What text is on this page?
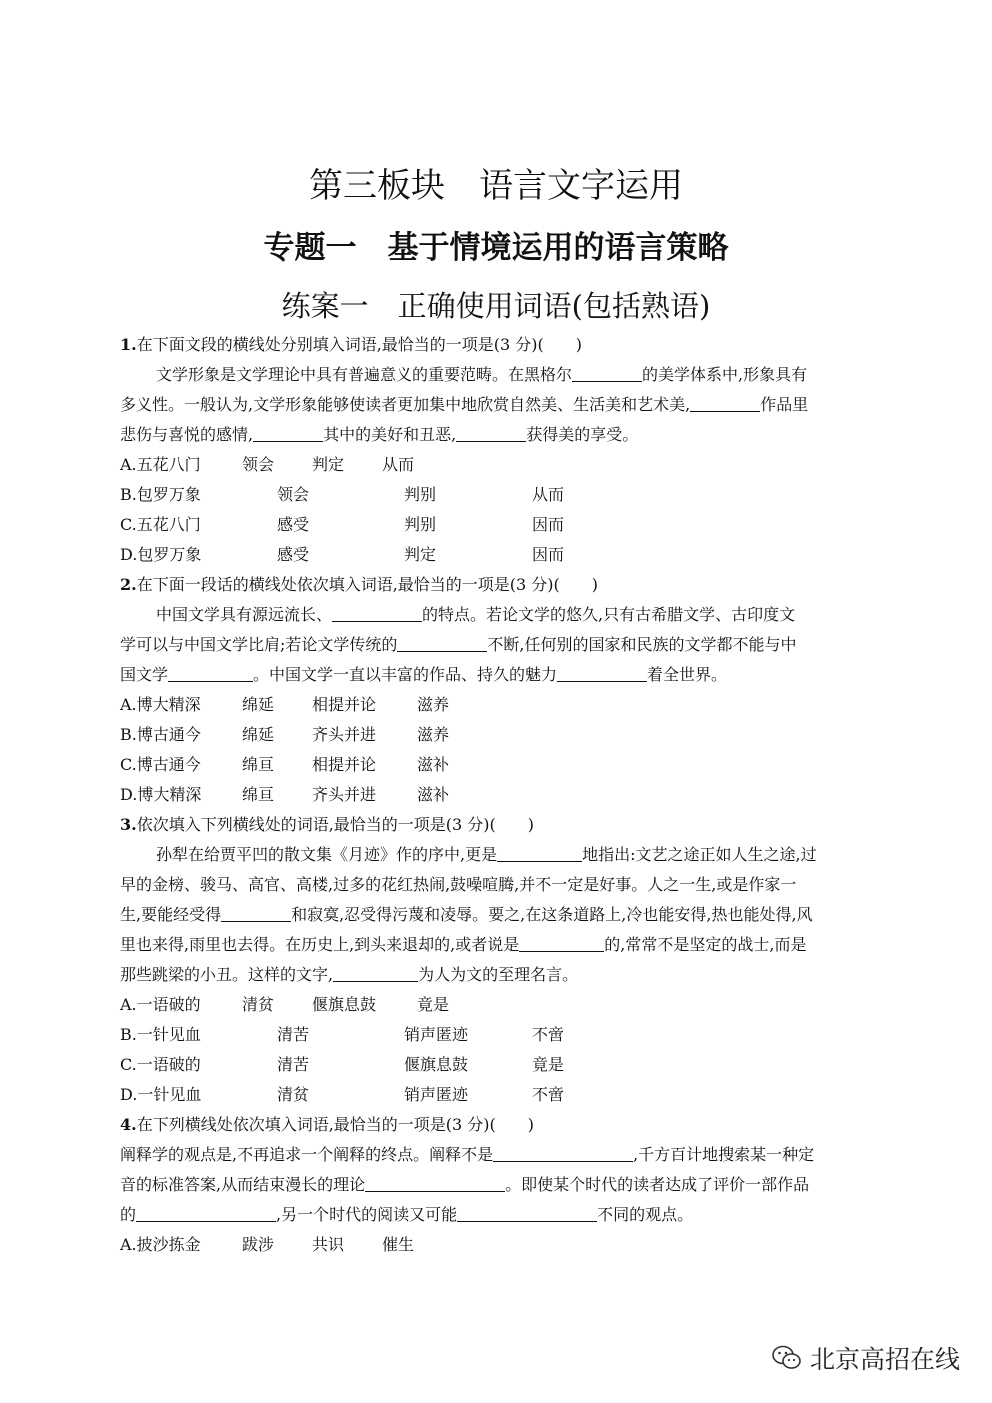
第三板块　语言文字运用
专题一　基于情境运用的语言策略
练案一　正确使用词语(包括熟语)
1.在下面文段的横线处分别填入词语,最恰当的一项是(3 分)(　　)
文学形象是文学理论中具有普遍意义的重要范畴。在黑格尔	的美学体系中,形象具有
多义性。一般认为,文学形象能够使读者更加集中地欣赏自然美、生活美和艺术美,	作品里
悲伤与喜悦的感情,	其中的美好和丑恶,	获得美的享受。
A.五花八门	领会 判定 从而
B.包罗万象	领会	判别	从而
C.五花八门	感受	判别	因而
D.包罗万象	感受	判定	因而
2.在下面一段话的横线处依次填入词语,最恰当的一项是(3 分)(　　)
中国文学具有源远流长、	的特点。若论文学的悠久,只有古希腊文学、古印度文
学可以与中国文学比肩;若论文学传统的	不断,任何别的国家和民族的文学都不能与中
国文学	。中国文学一直以丰富的作品、持久的魅力	着全世界。
A.博大精深	绵延 相提并论	滋养
B.博古通今	绵延 齐头并进	滋养
C.博古通今	绵亘 相提并论	滋补
D.博大精深	绵亘 齐头并进	滋补
3.依次填入下列横线处的词语,最恰当的一项是(3 分)(　　)
孙犁在给贾平凹的散文集《月迹》作的序中,更是	地指出:文艺之途正如人生之途,过
早的金榜、骏马、高官、高楼,过多的花红热闹,鼓噪喧腾,并不一定是好事。人之一生,或是作家一
生,要能经受得	和寂寞,忍受得污蔑和凌辱。要之,在这条道路上,冷也能安得,热也能处得,风
里也来得,雨里也去得。在历史上,到头来退却的,或者说是	的,常常不是坚定的战士,而是
那些跳梁的小丑。这样的文字,	为人为文的至理名言。
A.一语破的	清贫 偃旗息鼓	竟是
B.一针见血	清苦	销声匿迹	不啻
C.一语破的	清苦	偃旗息鼓	竟是
D.一针见血	清贫	销声匿迹	不啻
4.在下列横线处依次填入词语,最恰当的一项是(3 分)(　　)
阐释学的观点是,不再追求一个阐释的终点。阐释不是	,千方百计地搜索某一种定
音的标准答案,从而结束漫长的理论	。即使某个时代的读者达成了评价一部作品
的	,另一个时代的阅读又可能	不同的观点。
A.披沙拣金	跋涉 共识 催生
北京高招在线
